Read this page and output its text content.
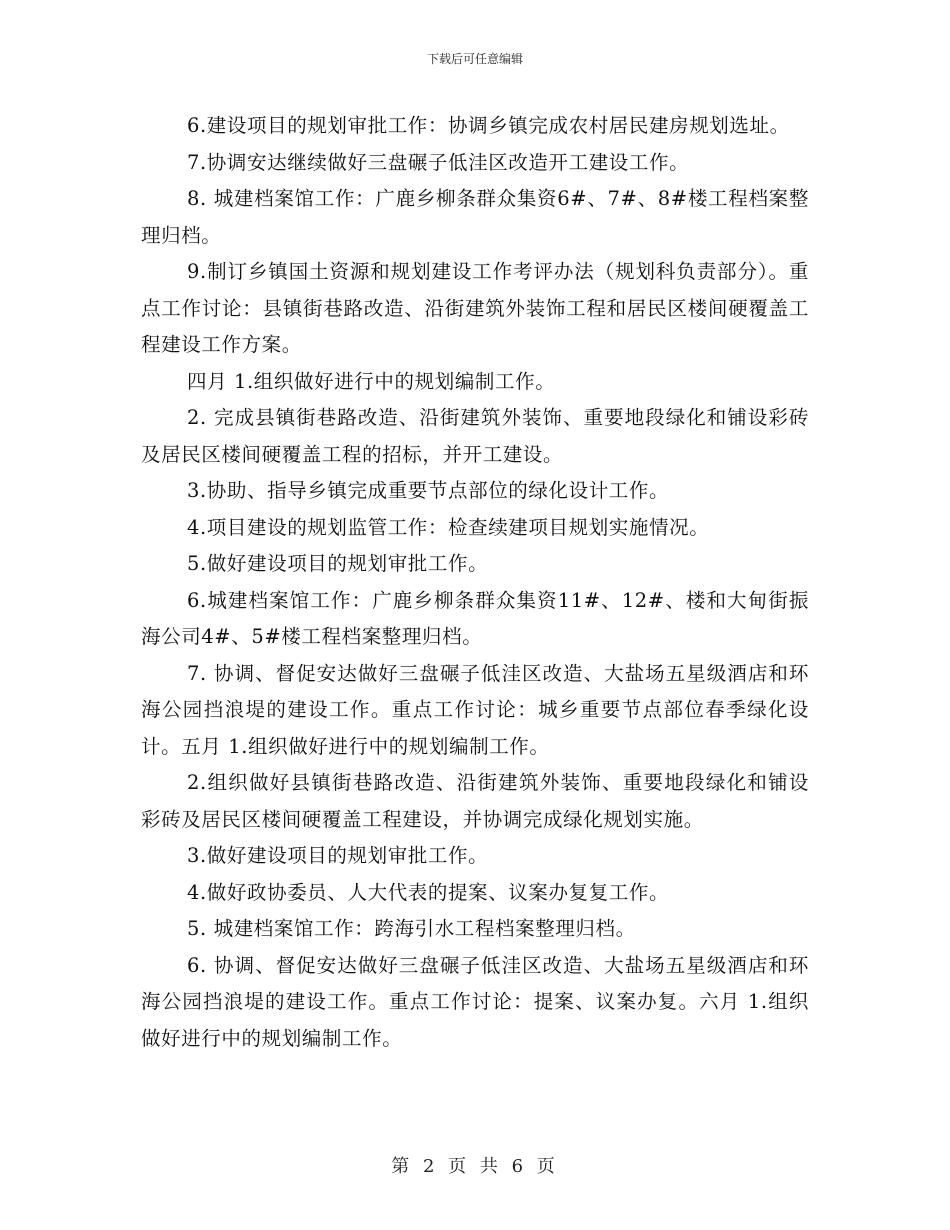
下载后可任意编辑

6.建设项目的规划审批工作：协调乡镇完成农村居民建房规划选址。

7.协调安达继续做好三盘碾子低洼区改造开工建设工作。

8. 城建档案馆工作：广鹿乡柳条群众集资6#、7#、8#楼工程档案整理归档。

9.制订乡镇国土资源和规划建设工作考评办法（规划科负责部分）。重点工作讨论：县镇街巷路改造、沿街建筑外装饰工程和居民区楼间硬覆盖工程建设工作方案。

四月 1.组织做好进行中的规划编制工作。

2. 完成县镇街巷路改造、沿街建筑外装饰、重要地段绿化和铺设彩砖及居民区楼间硬覆盖工程的招标，并开工建设。

3.协助、指导乡镇完成重要节点部位的绿化设计工作。

4.项目建设的规划监管工作：检查续建项目规划实施情况。

5.做好建设项目的规划审批工作。

6.城建档案馆工作：广鹿乡柳条群众集资11#、12#、楼和大甸街振海公司4#、5#楼工程档案整理归档。

7. 协调、督促安达做好三盘碾子低洼区改造、大盐场五星级酒店和环海公园挡浪堤的建设工作。重点工作讨论：城乡重要节点部位春季绿化设计。五月 1.组织做好进行中的规划编制工作。

2.组织做好县镇街巷路改造、沿街建筑外装饰、重要地段绿化和铺设彩砖及居民区楼间硬覆盖工程建设，并协调完成绿化规划实施。

3.做好建设项目的规划审批工作。

4.做好政协委员、人大代表的提案、议案办复复工作。

5. 城建档案馆工作：跨海引水工程档案整理归档。

6. 协调、督促安达做好三盘碾子低洼区改造、大盐场五星级酒店和环海公园挡浪堤的建设工作。重点工作讨论：提案、议案办复。六月 1.组织做好进行中的规划编制工作。

第 2 页 共 6 页
